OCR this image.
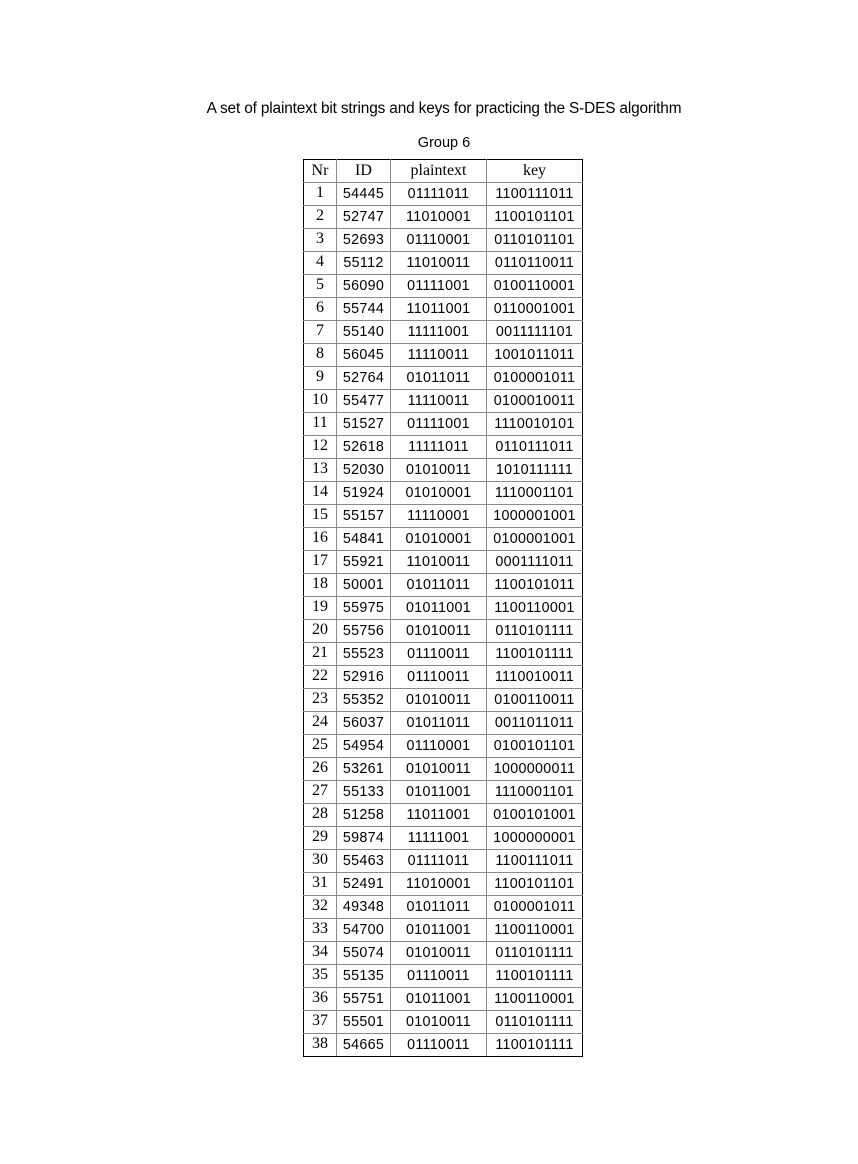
A set of plaintext bit strings and keys for practicing the S-DES algorithm
Group 6
Nr	ID	plaintext	key
1	54445	01111011	1100111011
2	52747	11010001	1100101101
3	52693	01110001	0110101101
4	55112	11010011	0110110011
5	56090	01111001	0100110001
6	55744	11011001	0110001001
7	55140	11111001	0011111101
8	56045	11110011	1001011011
9	52764	01011011	0100001011
10	55477	11110011	0100010011
11	51527	01111001	1110010101
12	52618	11111011	0110111011
13	52030	01010011	1010111111
14	51924	01010001	1110001101
15	55157	11110001	1000001001
16	54841	01010001	0100001001
17	55921	11010011	0001111011
18	50001	01011011	1100101011
19	55975	01011001	1100110001
20	55756	01010011	0110101111
21	55523	01110011	1100101111
22	52916	01110011	1110010011
23	55352	01010011	0100110011
24	56037	01011011	0011011011
25	54954	01110001	0100101101
26	53261	01010011	1000000011
27	55133	01011001	1110001101
28	51258	11011001	0100101001
29	59874	11111001	1000000001
30	55463	01111011	1100111011
31	52491	11010001	1100101101
32	49348	01011011	0100001011
33	54700	01011001	1100110001
34	55074	01010011	0110101111
35	55135	01110011	1100101111
36	55751	01011001	1100110001
37	55501	01010011	0110101111
38	54665	01110011	1100101111
